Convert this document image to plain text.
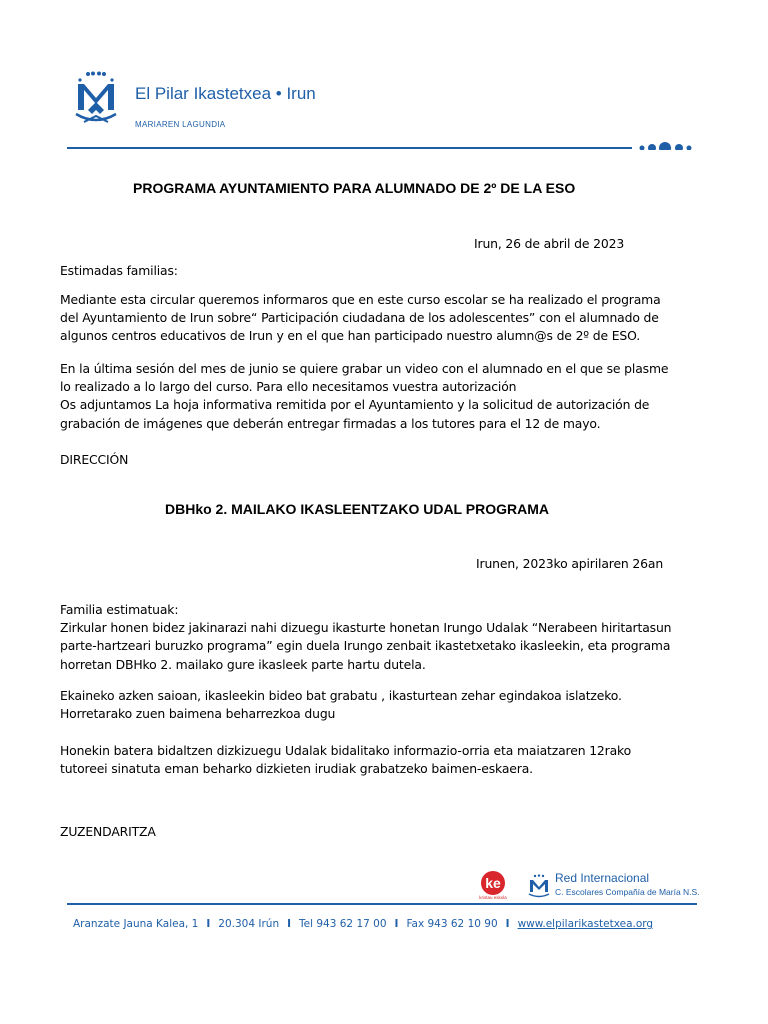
El Pilar Ikastetxea • Irun
MARIAREN LAGUNDIA
PROGRAMA AYUNTAMIENTO PARA ALUMNADO DE 2º DE LA ESO
Irun, 26 de abril de 2023
Estimadas familias:
Mediante esta circular queremos informaros que en este curso escolar se ha realizado el programa
del Ayuntamiento de Irun sobre“ Participación ciudadana de los adolescentes” con el alumnado de
algunos centros educativos de Irun y en el que han participado nuestro alumn@s de 2º de ESO.
En la última sesión del mes de junio se quiere grabar un video con el alumnado en el que se plasme
lo realizado a lo largo del curso. Para ello necesitamos vuestra autorización
Os adjuntamos La hoja informativa remitida por el Ayuntamiento y la solicitud de autorización de
grabación de imágenes que deberán entregar firmadas a los tutores para el 12 de mayo.
DIRECCIÓN
DBHko 2. MAILAKO IKASLEENTZAKO UDAL PROGRAMA
Irunen, 2023ko apirilaren 26an
Familia estimatuak:
Zirkular honen bidez jakinarazi nahi dizuegu ikasturte honetan Irungo Udalak “Nerabeen hiritartasun
parte-hartzeari buruzko programa” egin duela Irungo zenbait ikastetxetako ikasleekin, eta programa
horretan DBHko 2. mailako gure ikasleek parte hartu dutela.
Ekaineko azken saioan, ikasleekin bideo bat grabatu , ikasturtean zehar egindakoa islatzeko.
Horretarako zuen baimena beharrezkoa dugu
Honekin batera bidaltzen dizkizuegu Udalak bidalitako informazio-orria eta maiatzaren 12rako
tutoreei sinatuta eman beharko dizkieten irudiak grabatzeko baimen-eskaera.
ZUZENDARITZA
ke
kristau eskola
Red Internacional
C. Escolares Compañía de María N.S.
Aranzate Jauna Kalea, 1 I 20.304 Irún I Tel 943 62 17 00 I Fax 943 62 10 90 I www.elpilarikastetxea.org
